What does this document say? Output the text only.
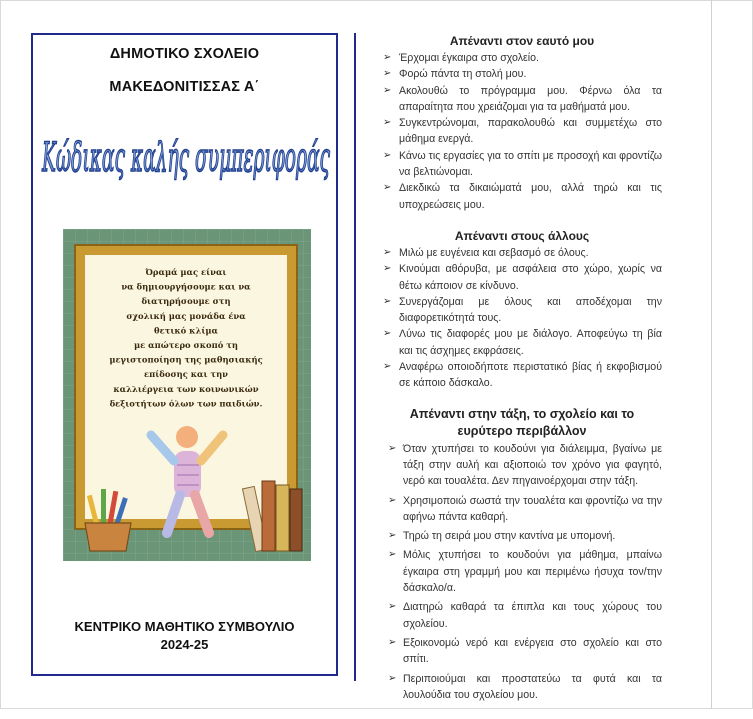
ΔΗΜΟΤΙΚΟ ΣΧΟΛΕΙΟ
ΜΑΚΕΔΟΝΙΤΙΣΣΑΣ Α΄
Κώδικας καλής συμπεριφοράς
Όραμά μας είναι
να δημιουργήσουμε και να
διατηρήσουμε στη
σχολική μας μονάδα ένα
θετικό κλίμα
με απώτερο σκοπό τη
μεγιστοποίηση της μαθησιακής
επίδοσης και την
καλλιέργεια των κοινωνικών
δεξιοτήτων όλων των παιδιών.
ΚΕΝΤΡΙΚΟ ΜΑΘΗΤΙΚΟ ΣΥΜΒΟΥΛΙΟ
2024-25
Απέναντι στον εαυτό μου
➢ Έρχομαι έγκαιρα στο σχολείο.
➢ Φορώ πάντα τη στολή μου.
➢ Ακολουθώ το πρόγραμμα μου. Φέρνω όλα τα απαραίτητα που χρειάζομαι για τα μαθήματά μου.
➢ Συγκεντρώνομαι, παρακολουθώ και συμμετέχω στο μάθημα ενεργά.
➢ Κάνω τις εργασίες για το σπίτι με προσοχή και φροντίζω να βελτιώνομαι.
➢ Διεκδικώ τα δικαιώματά μου, αλλά τηρώ και τις υποχρεώσεις μου.
Απέναντι στους άλλους
➢ Μιλώ με ευγένεια και σεβασμό σε όλους.
➢ Κινούμαι αθόρυβα, με ασφάλεια στο χώρο, χωρίς να θέτω κάποιον σε κίνδυνο.
➢ Συνεργάζομαι με όλους και αποδέχομαι την διαφορετικότητά τους.
➢ Λύνω τις διαφορές μου με διάλογο. Αποφεύγω τη βία και τις άσχημες εκφράσεις.
➢ Αναφέρω οποιοδήποτε περιστατικό βίας ή εκφοβισμού σε κάποιο δάσκαλο.
Απέναντι στην τάξη, το σχολείο και το ευρύτερο περιβάλλον
➢ Όταν χτυπήσει το κουδούνι για διάλειμμα, βγαίνω με τάξη στην αυλή και αξιοποιώ τον χρόνο για φαγητό, νερό και τουαλέτα. Δεν πηγαινοέρχομαι στην τάξη.
➢ Χρησιμοποιώ σωστά την τουαλέτα και φροντίζω να την αφήνω πάντα καθαρή.
➢ Τηρώ τη σειρά μου στην καντίνα με υπομονή.
➢ Μόλις χτυπήσει το κουδούνι για μάθημα, μπαίνω έγκαιρα στη γραμμή μου και περιμένω ήσυχα τον/την δάσκαλο/α.
➢ Διατηρώ καθαρά τα έπιπλα και τους χώρους του σχολείου.
➢ Εξοικονομώ νερό και ενέργεια στο σχολείο και στο σπίτι.
➢ Περιποιούμαι και προστατεύω τα φυτά και τα λουλούδια του σχολείου μου.
